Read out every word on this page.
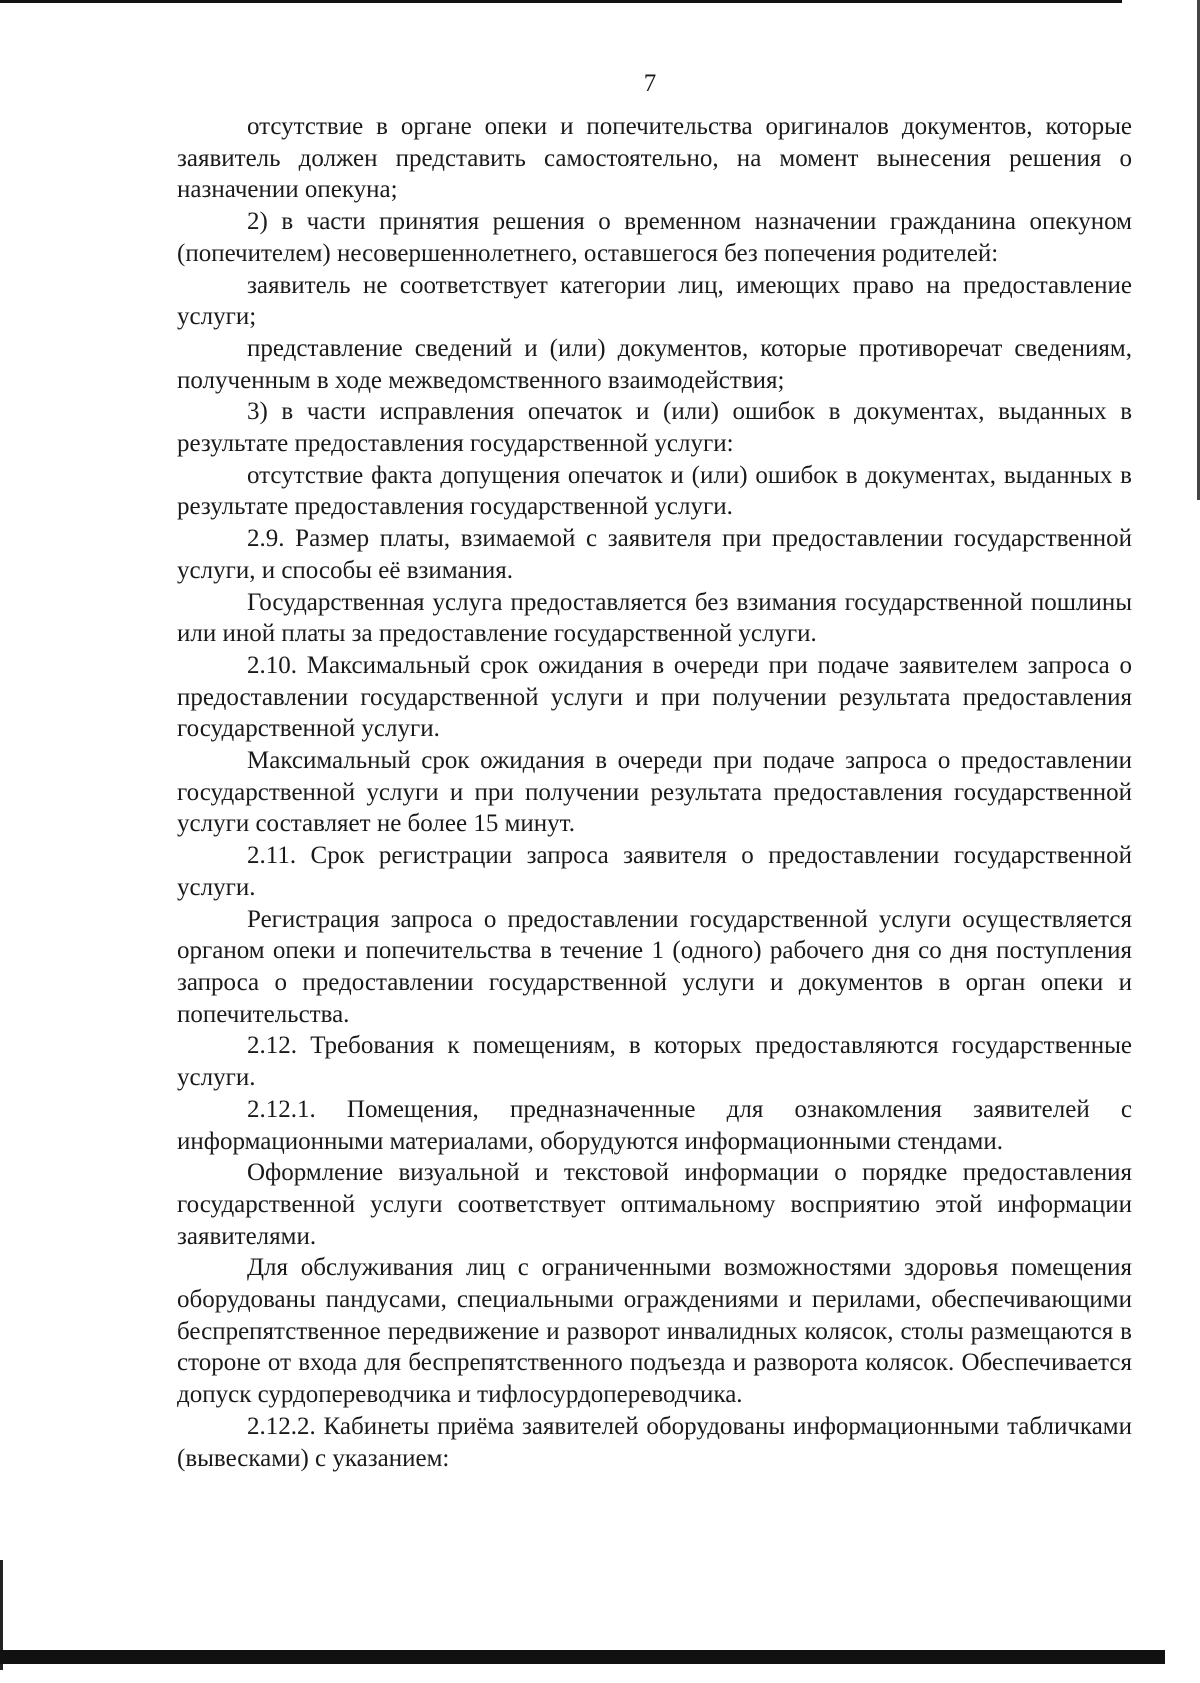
7

отсутствие в органе опеки и попечительства оригиналов документов, которые заявитель должен представить самостоятельно, на момент вынесения решения о назначении опекуна;

2) в части принятия решения о временном назначении гражданина опекуном (попечителем) несовершеннолетнего, оставшегося без попечения родителей:

заявитель не соответствует категории лиц, имеющих право на предоставление услуги;

представление сведений и (или) документов, которые противоречат сведениям, полученным в ходе межведомственного взаимодействия;

3) в части исправления опечаток и (или) ошибок в документах, выданных в результате предоставления государственной услуги:

отсутствие факта допущения опечаток и (или) ошибок в документах, выданных в результате предоставления государственной услуги.

2.9. Размер платы, взимаемой с заявителя при предоставлении государственной услуги, и способы её взимания.

Государственная услуга предоставляется без взимания государственной пошлины или иной платы за предоставление государственной услуги.

2.10. Максимальный срок ожидания в очереди при подаче заявителем запроса о предоставлении государственной услуги и при получении результата предоставления государственной услуги.

Максимальный срок ожидания в очереди при подаче запроса о предоставлении государственной услуги и при получении результата предоставления государственной услуги составляет не более 15 минут.

2.11. Срок регистрации запроса заявителя о предоставлении государственной услуги.

Регистрация запроса о предоставлении государственной услуги осуществляется органом опеки и попечительства в течение 1 (одного) рабочего дня со дня поступления запроса о предоставлении государственной услуги и документов в орган опеки и попечительства.

2.12. Требования к помещениям, в которых предоставляются государственные услуги.

2.12.1. Помещения, предназначенные для ознакомления заявителей с информационными материалами, оборудуются информационными стендами.

Оформление визуальной и текстовой информации о порядке предоставления государственной услуги соответствует оптимальному восприятию этой информации заявителями.

Для обслуживания лиц с ограниченными возможностями здоровья помещения оборудованы пандусами, специальными ограждениями и перилами, обеспечивающими беспрепятственное передвижение и разворот инвалидных колясок, столы размещаются в стороне от входа для беспрепятственного подъезда и разворота колясок. Обеспечивается допуск сурдопереводчика и тифлосурдопереводчика.

2.12.2. Кабинеты приёма заявителей оборудованы информационными табличками (вывесками) с указанием:
